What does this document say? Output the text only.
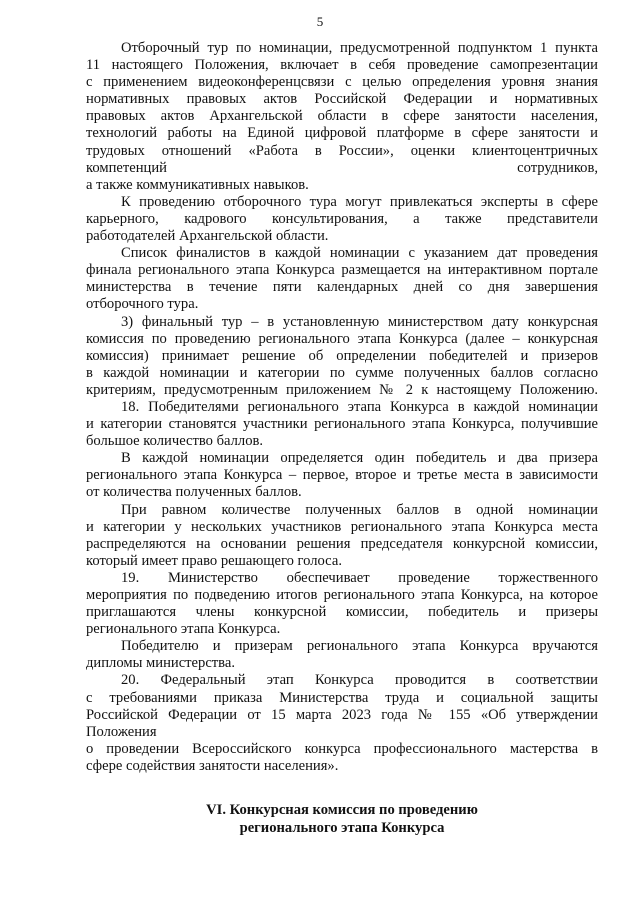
5
Отборочный тур по номинации, предусмотренной подпунктом 1 пункта
11 настоящего Положения, включает в себя проведение самопрезентации
с применением видеоконференцсвязи с целью определения уровня знания
нормативных правовых актов Российской Федерации и нормативных
правовых актов Архангельской области в сфере занятости населения,
технологий работы на Единой цифровой платформе в сфере занятости и
трудовых отношений «Работа в России», оценки клиентоцентричных
компетенций сотрудников,
а также коммуникативных навыков.
К проведению отборочного тура могут привлекаться эксперты в сфере
карьерного, кадрового консультирования, а также представители
работодателей Архангельской области.
Список финалистов в каждой номинации с указанием дат проведения
финала регионального этапа Конкурса размещается на интерактивном портале
министерства в течение пяти календарных дней со дня завершения
отборочного тура.
3) финальный тур – в установленную министерством дату конкурсная
комиссия по проведению регионального этапа Конкурса (далее – конкурсная
комиссия) принимает решение об определении победителей и призеров
в каждой номинации и категории по сумме полученных баллов согласно
критериям, предусмотренным приложением № 2 к настоящему Положению.
18. Победителями регионального этапа Конкурса в каждой номинации
и категории становятся участники регионального этапа Конкурса, получившие
большое количество баллов.
В каждой номинации определяется один победитель и два призера
регионального этапа Конкурса – первое, второе и третье места в зависимости
от количества полученных баллов.
При равном количестве полученных баллов в одной номинации
и категории у нескольких участников регионального этапа Конкурса места
распределяются на основании решения председателя конкурсной комиссии,
который имеет право решающего голоса.
19. Министерство обеспечивает проведение торжественного
мероприятия по подведению итогов регионального этапа Конкурса, на которое
приглашаются члены конкурсной комиссии, победитель и призеры
регионального этапа Конкурса.
Победителю и призерам регионального этапа Конкурса вручаются
дипломы министерства.
20. Федеральный этап Конкурса проводится в соответствии
с требованиями приказа Министерства труда и социальной защиты
Российской Федерации от 15 марта 2023 года № 155 «Об утверждении
Положения
о проведении Всероссийского конкурса профессионального мастерства в
сфере содействия занятости населения».
VI. Конкурсная комиссия по проведению
регионального этапа Конкурса
